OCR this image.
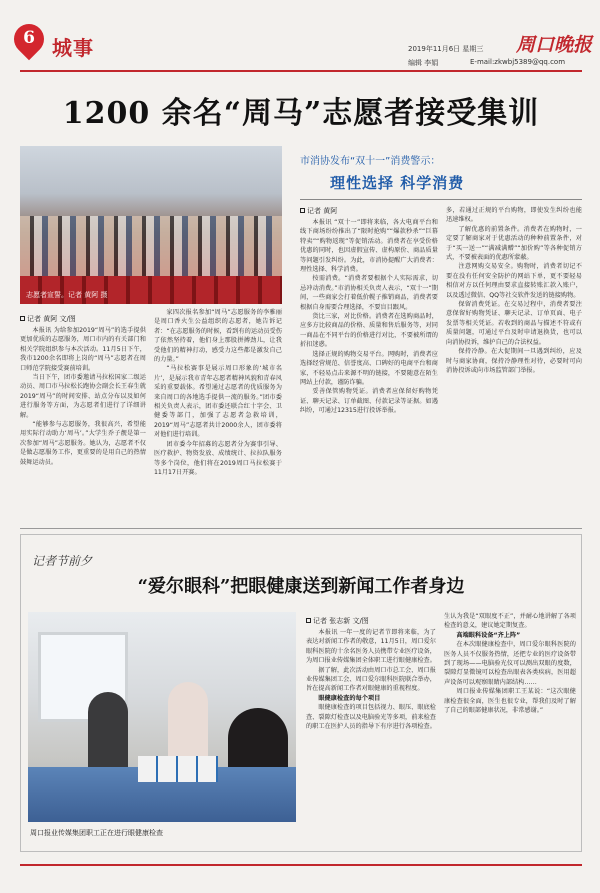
6 城事	2019年11月6日 星期三 周口晚报
编辑 李娟	E-mail:zkwbj5389@qq.com
1200 余名“周马”志愿者接受集训
志愿者宣誓。记者 黄阿 摄
记者 黄阿 文/图

本报讯 为给参加2019“周马”的选手提供更加优质的志愿服务，周口市内的有关部门和相关学院组织参与本次活动。11月5日下午，我市1200余名即将上岗的“周马”志愿者在周口师范学院接受赛前培训。

当日下午，团市委邀请马拉松国家二级运动员、周口市马拉松长跑协会副会长王春生就2019“周马”的时间安排、站点分布以及如何进行服务等方面，为志愿者们进行了详细讲解。

“能够参与志愿服务，我很高兴，希望能用实际行动助力‘周马’。”大学生乔子靓是第一次参加“周马”志愿服务。她认为，志愿者不仅是做志愿服务工作，更重要的是用自己的热情鼓舞运动员。

家四次报名参加“周马”志愿服务的李雅丽是周口香火生公益组织的志愿者，她告诉记者：“在志愿服务的时候，看到有的运动员受伤了依然坚持着，他们身上那股拼搏劲儿，让我受他们的精神打动，感受力这些都是激发自己的力量。”

“马拉松赛事是展示周口形象的‘城市名片’，是展示我市青年志愿者精神风貌和青春风采的重要载体。希望通过志愿者的优质服务为来自周口的各地选手提供一流的服务。”团市委相关负责人表示，团市委还联合红十字会、卫健委等部门，加强了志愿者急救培训，2019“周马”志愿者共计2000余人，团市委将对他们进行培训。

团市委今年招募的志愿者分为赛事引导、医疗救护、物资发放、成绩统计、拉拉队服务等多个岗位，他们将在2019周口马拉松赛于11月17日开赛。

市消协发布“双十一”消费警示：
理性选择 科学消费
记者 黄阿

本报讯 “双十一”即将来临，各大电商平台和线下商场纷纷推出了“限时抢购”“爆款秒杀”“巨幕特卖”“购物返现”等促销活动。消费者在享受价格优惠的同时，也因虚假宣传、虚构原价、商品质量等问题引发纠纷。为此，市消协提醒广大消费者：理性选择、科学消费。

按需消费。“消费者要根据个人实际需求，切忌冲动消费。”市消协相关负责人表示，“双十一”期间，一些商家会打着低价幌子推销商品，消费者要根据自身需要合理选择，不要盲目跟风。

货比三家，对比价格。消费者在选购商品时，应多方比较商品的价格、质量和售后服务等，对同一商品在不同平台的价格进行对比，不要被所谓的折扣迷惑。

选择正规的购物交易平台。网购时，消费者应选择经营规范、信誉度高、口碑好的电商平台和商家，不轻易点击来源不明的链接，不要随意在陌生网站上付款，谨防诈骗。

妥善保管购物凭证。消费者应保留好购物凭证、聊天记录、订单截图、付款记录等证据。如遇纠纷，可通过12315进行投诉举报。

多，若通过正规的平台购物，即使发生纠纷也能迅速维权。

了解优惠的前置条件。消费者在购物时，一定要了解商家对于优惠活动的种种前置条件，对于“买一送一”“满减满赠”“加价购”等各种促销方式，不要被表面的优惠所蒙蔽。

注意网购交易安全。购物时，消费者切记不要在没有任何安全防护的网站下单，更不要轻易相信对方以任何理由要求直接转账汇款入账户，以及透过微信、QQ等社交软件发送的链接购物。

保留消费凭证。在交易过程中，消费者要注意保留好购物凭证、聊天记录、订单页面、电子发票等相关凭证。若收到的商品与描述不符或有质量问题，可通过平台及时申请退换货，也可以向消协投诉，维护自己的合法权益。

保持冷静。在大促期间一旦遇到纠纷，应及时与商家协商，保持冷静理性对待，必要时可向消协投诉或向市场监管部门举报。

记者节前夕
“爱尔眼科”把眼健康送到新闻工作者身边
周口报业传媒集团职工正在进行眼健康检查
记者 张志新 文/图

本报讯 一年一度的记者节即将来临，为了表达对新闻工作者的敬意，11月5日，周口爱尔眼科医院的十余名医务人员携带专业医疗设备，为周口报业传媒集团全体职工进行眼健康检查。

据了解，此次活动由周口市总工会、周口报业传媒集团工会、周口爱尔眼科医院联合举办，旨在提高新闻工作者对眼健康的重视程度。

眼健康检查的每个项目

眼健康检查的项目包括视力、眼压、眼底检查、裂隙灯检查以及电脑验光等多项，前来检查的职工在医护人员的指导下有序进行各项检查。

生认为我是“双眼度不正”，并耐心地讲解了各项检查的意义，建议她定期复查。

高端眼科设备“齐上阵”

在本次眼健康检查中，周口爱尔眼科医院的医务人员不仅服务热情，还把专业的医疗设备带到了现场——电脑验光仪可以测出双眼的度数，裂隙灯显微镜可以检查出眼表各类疾病，医用超声设备可以观察眼睛内部结构……

周口报业传媒集团职工王某说：“这次眼健康检查很全面，医生也很专业，帮我们及时了解了自己的眼部健康状况，非常感谢。”
